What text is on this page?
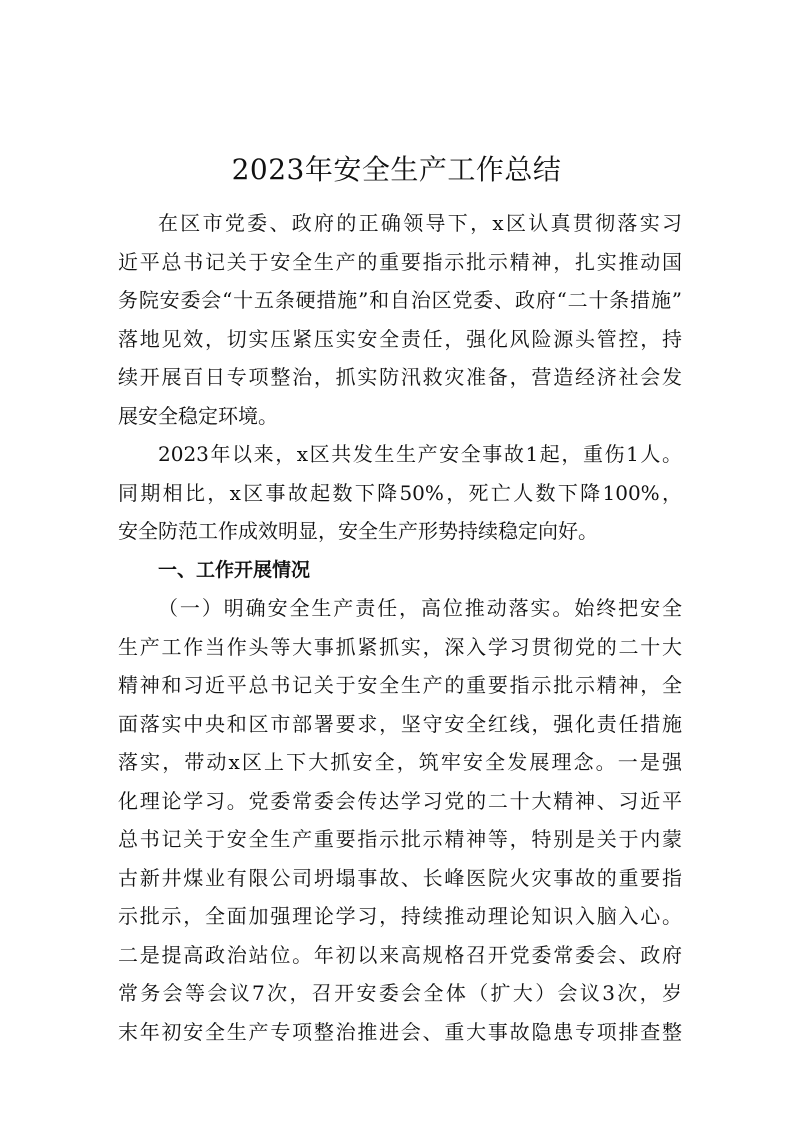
2023年安全生产工作总结
在区市党委、政府的正确领导下，x区认真贯彻落实习
近平总书记关于安全生产的重要指示批示精神，扎实推动国
务院安委会“十五条硬措施”和自治区党委、政府“二十条措施”
落地见效，切实压紧压实安全责任，强化风险源头管控，持
续开展百日专项整治，抓实防汛救灾准备，营造经济社会发
展安全稳定环境。
2023年以来，x区共发生生产安全事故1起，重伤1人。
同期相比，x区事故起数下降50%，死亡人数下降100%，
安全防范工作成效明显，安全生产形势持续稳定向好。
一、工作开展情况
（一）明确安全生产责任，高位推动落实。始终把安全
生产工作当作头等大事抓紧抓实，深入学习贯彻党的二十大
精神和习近平总书记关于安全生产的重要指示批示精神，全
面落实中央和区市部署要求，坚守安全红线，强化责任措施
落实，带动x区上下大抓安全，筑牢安全发展理念。一是强
化理论学习。党委常委会传达学习党的二十大精神、习近平
总书记关于安全生产重要指示批示精神等，特别是关于内蒙
古新井煤业有限公司坍塌事故、长峰医院火灾事故的重要指
示批示，全面加强理论学习，持续推动理论知识入脑入心。
二是提高政治站位。年初以来高规格召开党委常委会、政府
常务会等会议7次，召开安委会全体（扩大）会议3次，岁
末年初安全生产专项整治推进会、重大事故隐患专项排查整
